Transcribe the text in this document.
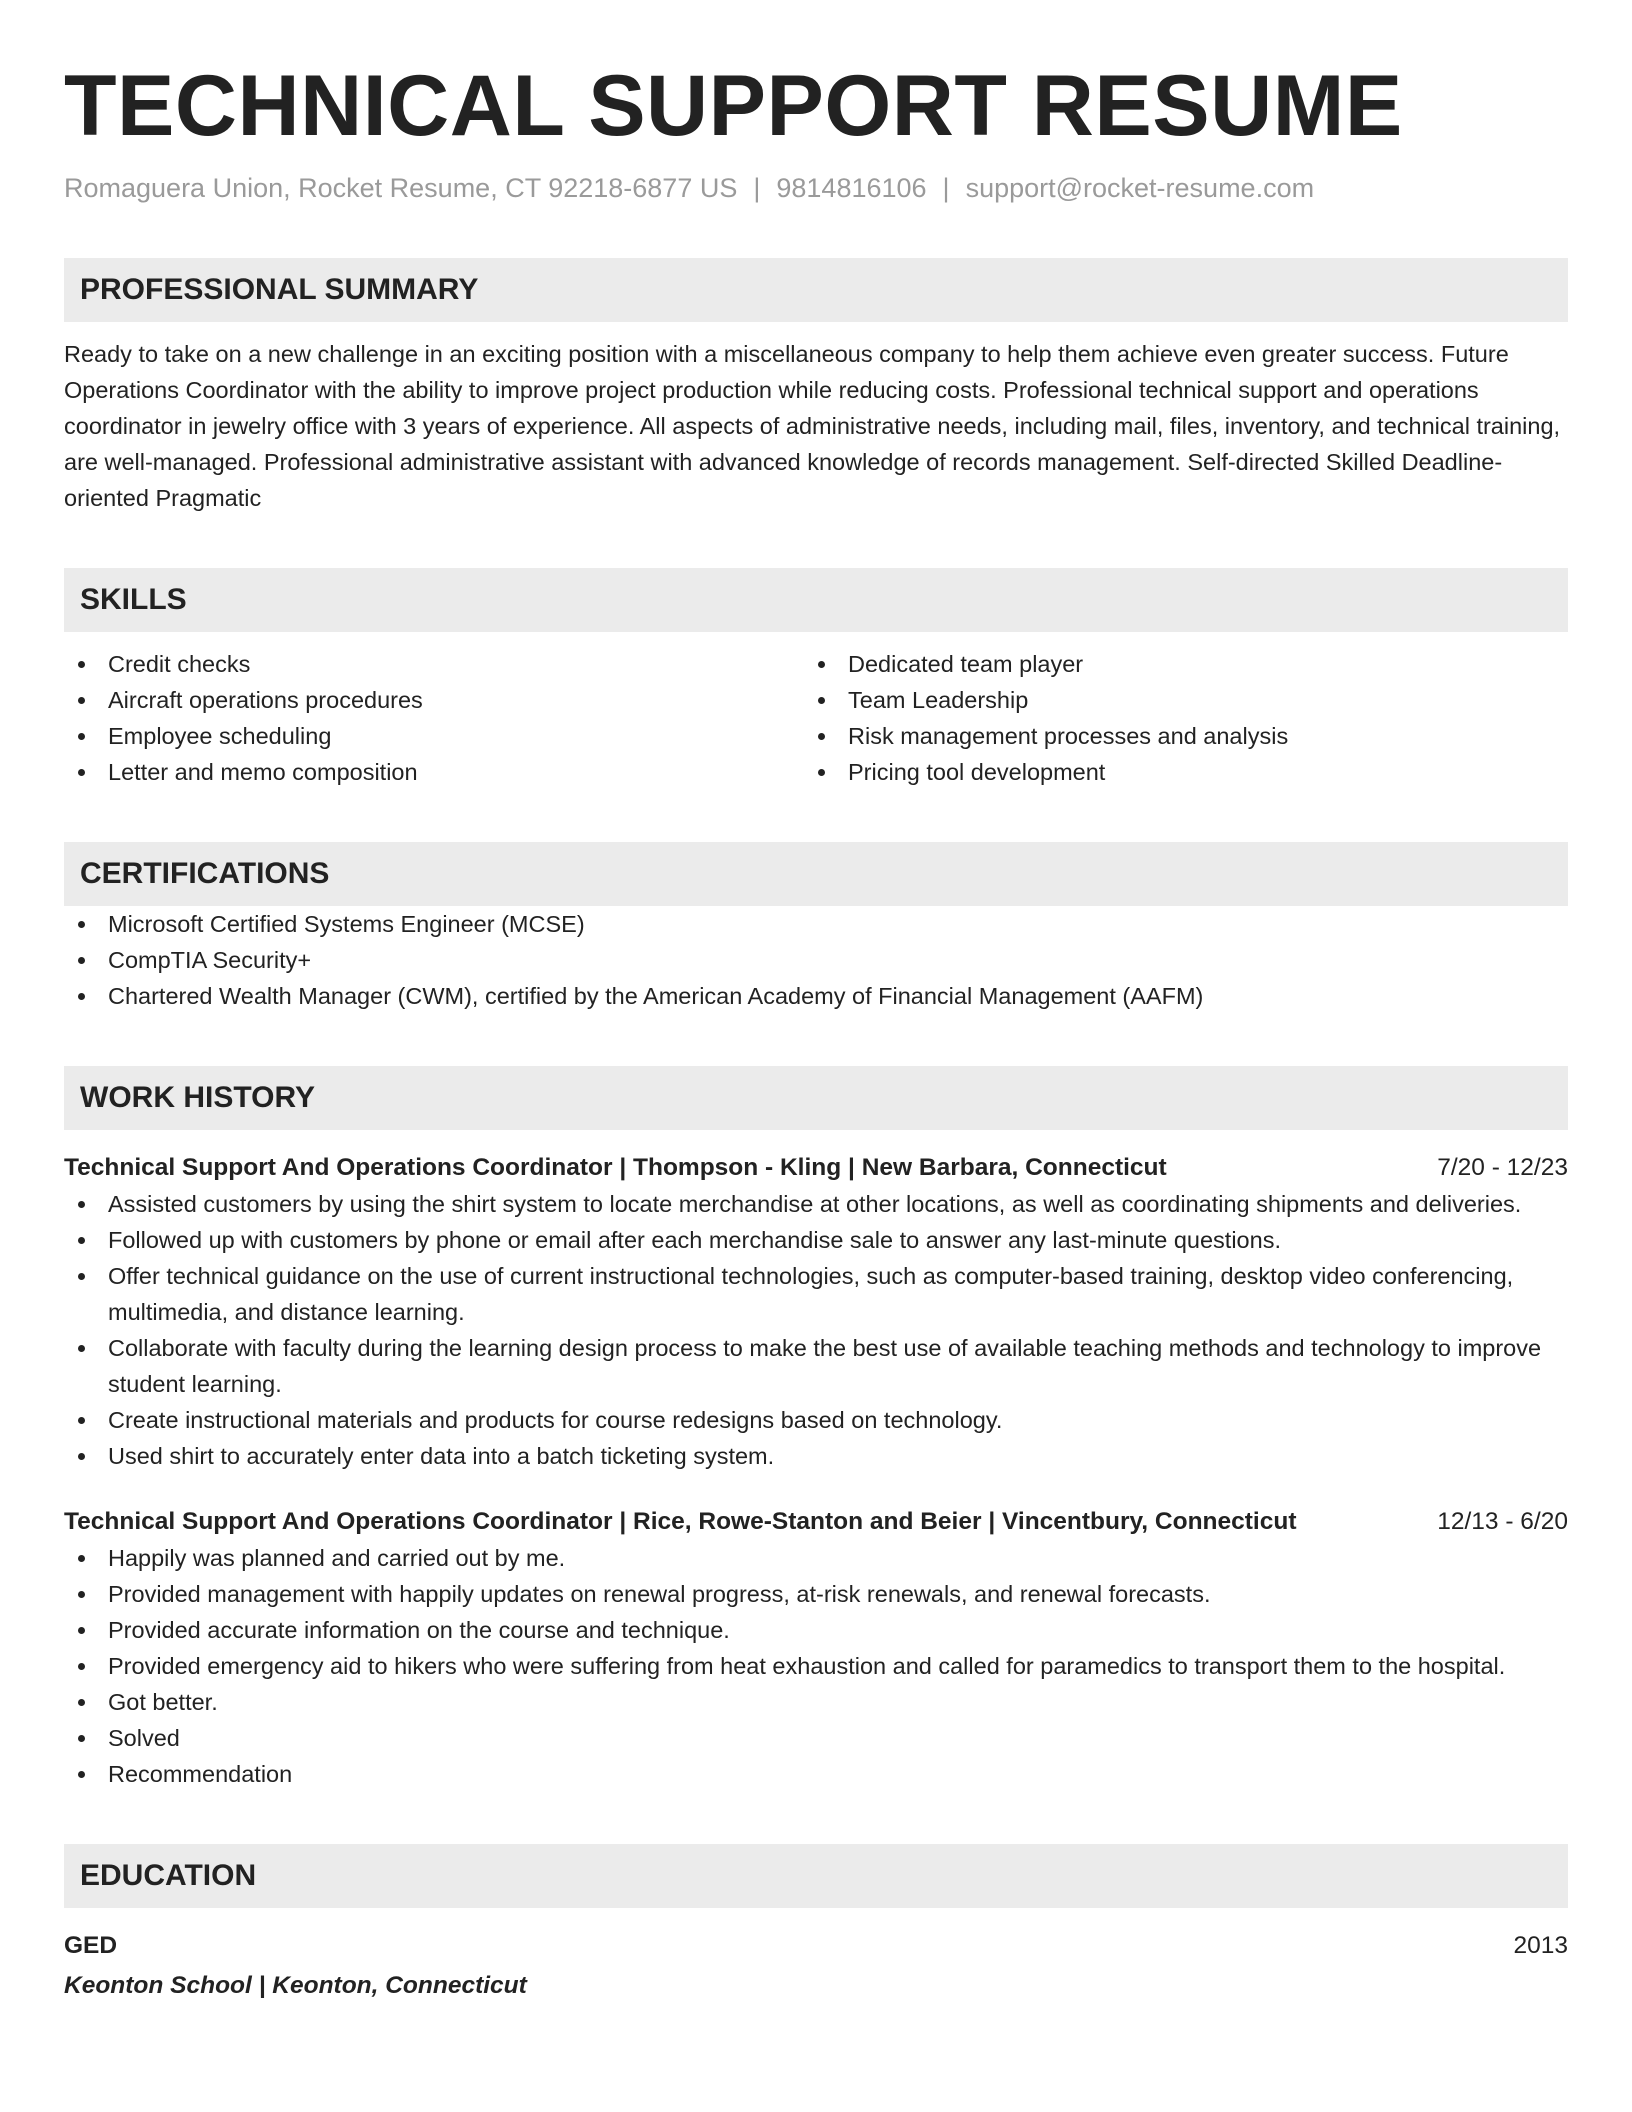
TECHNICAL SUPPORT RESUME
Romaguera Union, Rocket Resume, CT 92218-6877 US | 9814816106 | support@rocket-resume.com
PROFESSIONAL SUMMARY
Ready to take on a new challenge in an exciting position with a miscellaneous company to help them achieve even greater success. Future Operations Coordinator with the ability to improve project production while reducing costs. Professional technical support and operations coordinator in jewelry office with 3 years of experience. All aspects of administrative needs, including mail, files, inventory, and technical training, are well-managed. Professional administrative assistant with advanced knowledge of records management. Self-directed Skilled Deadline-oriented Pragmatic
SKILLS
Credit checks
Aircraft operations procedures
Employee scheduling
Letter and memo composition
Dedicated team player
Team Leadership
Risk management processes and analysis
Pricing tool development
CERTIFICATIONS
Microsoft Certified Systems Engineer (MCSE)
CompTIA Security+
Chartered Wealth Manager (CWM), certified by the American Academy of Financial Management (AAFM)
WORK HISTORY
Technical Support And Operations Coordinator | Thompson - Kling | New Barbara, Connecticut	7/20 - 12/23
Assisted customers by using the shirt system to locate merchandise at other locations, as well as coordinating shipments and deliveries.
Followed up with customers by phone or email after each merchandise sale to answer any last-minute questions.
Offer technical guidance on the use of current instructional technologies, such as computer-based training, desktop video conferencing, multimedia, and distance learning.
Collaborate with faculty during the learning design process to make the best use of available teaching methods and technology to improve student learning.
Create instructional materials and products for course redesigns based on technology.
Used shirt to accurately enter data into a batch ticketing system.
Technical Support And Operations Coordinator | Rice, Rowe-Stanton and Beier | Vincentbury, Connecticut	12/13 - 6/20
Happily was planned and carried out by me.
Provided management with happily updates on renewal progress, at-risk renewals, and renewal forecasts.
Provided accurate information on the course and technique.
Provided emergency aid to hikers who were suffering from heat exhaustion and called for paramedics to transport them to the hospital.
Got better.
Solved
Recommendation
EDUCATION
GED	2013
Keonton School | Keonton, Connecticut
